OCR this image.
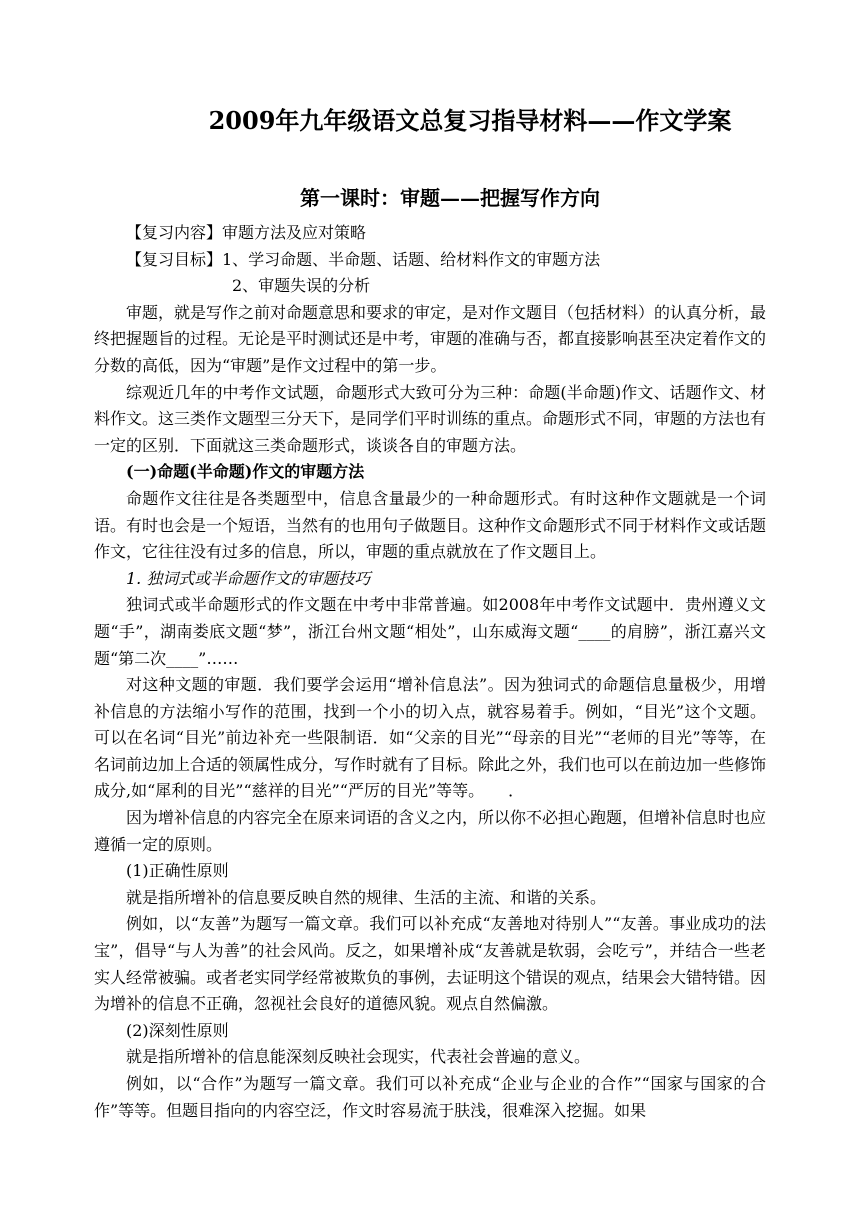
2009年九年级语文总复习指导材料——作文学案
第一课时：审题——把握写作方向

【复习内容】审题方法及应对策略

【复习目标】1、学习命题、半命题、话题、给材料作文的审题方法

2、审题失误的分析

审题，就是写作之前对命题意思和要求的审定，是对作文题目（包括材料）的认真分析，最终把握题旨的过程。无论是平时测试还是中考，审题的准确与否，都直接影响甚至决定着作文的分数的高低，因为“审题”是作文过程中的第一步。

综观近几年的中考作文试题，命题形式大致可分为三种：命题(半命题)作文、话题作文、材料作文。这三类作文题型三分天下，是同学们平时训练的重点。命题形式不同，审题的方法也有一定的区别．下面就这三类命题形式，谈谈各自的审题方法。

(一)命题(半命题)作文的审题方法

命题作文往往是各类题型中，信息含量最少的一种命题形式。有时这种作文题就是一个词语。有时也会是一个短语，当然有的也用句子做题目。这种作文命题形式不同于材料作文或话题作文，它往往没有过多的信息，所以，审题的重点就放在了作文题目上。

1. 独词式或半命题作文的审题技巧

独词式或半命题形式的作文题在中考中非常普遍。如2008年中考作文试题中．贵州遵义文题“手”，湖南娄底文题“梦”，浙江台州文题“相处”，山东威海文题“____的肩膀”，浙江嘉兴文题“第二次____”……

对这种文题的审题．我们要学会运用“增补信息法”。因为独词式的命题信息量极少，用增补信息的方法缩小写作的范围，找到一个小的切入点，就容易着手。例如，“目光”这个文题。可以在名词“目光”前边补充一些限制语．如“父亲的目光”“母亲的目光”“老师的目光”等等，在名词前边加上合适的领属性成分，写作时就有了目标。除此之外，我们也可以在前边加一些修饰成分,如“犀利的目光”“慈祥的目光”“严厉的目光”等等。　　．

因为增补信息的内容完全在原来词语的含义之内，所以你不必担心跑题，但增补信息时也应遵循一定的原则。

(1)正确性原则

就是指所增补的信息要反映自然的规律、生活的主流、和谐的关系。

例如，以“友善”为题写一篇文章。我们可以补充成“友善地对待别人”“友善。事业成功的法宝”，倡导“与人为善”的社会风尚。反之，如果增补成“友善就是软弱，会吃亏”，并结合一些老实人经常被骗。或者老实同学经常被欺负的事例，去证明这个错误的观点，结果会大错特错。因为增补的信息不正确，忽视社会良好的道德风貌。观点自然偏激。

(2)深刻性原则

就是指所增补的信息能深刻反映社会现实，代表社会普遍的意义。

例如，以“合作”为题写一篇文章。我们可以补充成“企业与企业的合作”“国家与国家的合作”等等。但题目指向的内容空泛，作文时容易流于肤浅，很难深入挖掘。如果
